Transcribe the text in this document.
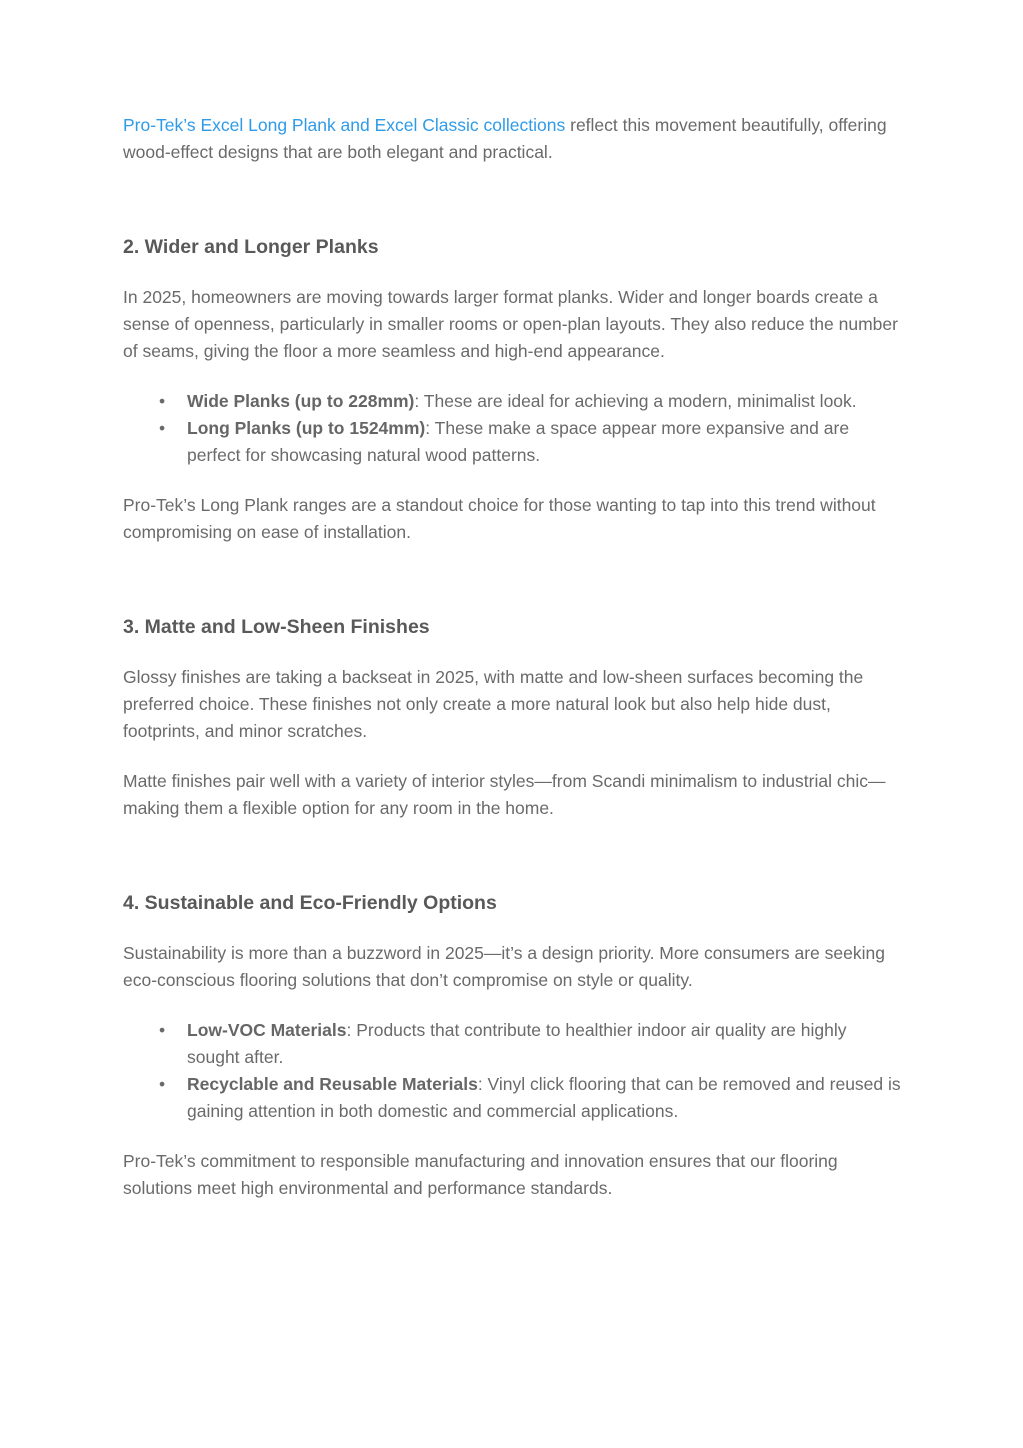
Pro-Tek’s Excel Long Plank and Excel Classic collections reflect this movement beautifully, offering wood-effect designs that are both elegant and practical.

2. Wider and Longer Planks

In 2025, homeowners are moving towards larger format planks. Wider and longer boards create a sense of openness, particularly in smaller rooms or open-plan layouts. They also reduce the number of seams, giving the floor a more seamless and high-end appearance.

• Wide Planks (up to 228mm): These are ideal for achieving a modern, minimalist look.
• Long Planks (up to 1524mm): These make a space appear more expansive and are perfect for showcasing natural wood patterns.

Pro-Tek’s Long Plank ranges are a standout choice for those wanting to tap into this trend without compromising on ease of installation.

3. Matte and Low-Sheen Finishes

Glossy finishes are taking a backseat in 2025, with matte and low-sheen surfaces becoming the preferred choice. These finishes not only create a more natural look but also help hide dust, footprints, and minor scratches.

Matte finishes pair well with a variety of interior styles—from Scandi minimalism to industrial chic—making them a flexible option for any room in the home.

4. Sustainable and Eco-Friendly Options

Sustainability is more than a buzzword in 2025—it’s a design priority. More consumers are seeking eco-conscious flooring solutions that don’t compromise on style or quality.

• Low-VOC Materials: Products that contribute to healthier indoor air quality are highly sought after.
• Recyclable and Reusable Materials: Vinyl click flooring that can be removed and reused is gaining attention in both domestic and commercial applications.

Pro-Tek’s commitment to responsible manufacturing and innovation ensures that our flooring solutions meet high environmental and performance standards.
